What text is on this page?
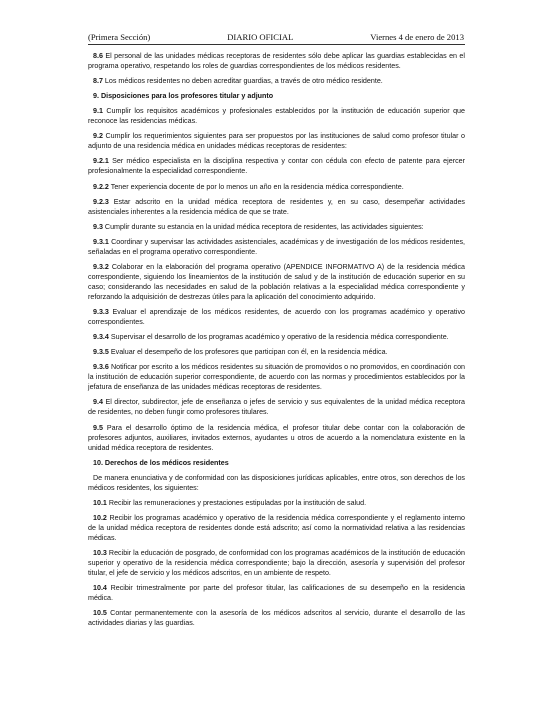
(Primera Sección)	DIARIO OFICIAL	Viernes 4 de enero de 2013

8.6 El personal de las unidades médicas receptoras de residentes sólo debe aplicar las guardias establecidas en el programa operativo, respetando los roles de guardias correspondientes de los médicos residentes.

8.7 Los médicos residentes no deben acreditar guardias, a través de otro médico residente.

9. Disposiciones para los profesores titular y adjunto

9.1 Cumplir los requisitos académicos y profesionales establecidos por la institución de educación superior que reconoce las residencias médicas.

9.2 Cumplir los requerimientos siguientes para ser propuestos por las instituciones de salud como profesor titular o adjunto de una residencia médica en unidades médicas receptoras de residentes:

9.2.1 Ser médico especialista en la disciplina respectiva y contar con cédula con efecto de patente para ejercer profesionalmente la especialidad correspondiente.

9.2.2 Tener experiencia docente de por lo menos un año en la residencia médica correspondiente.

9.2.3 Estar adscrito en la unidad médica receptora de residentes y, en su caso, desempeñar actividades asistenciales inherentes a la residencia médica de que se trate.

9.3 Cumplir durante su estancia en la unidad médica receptora de residentes, las actividades siguientes:

9.3.1 Coordinar y supervisar las actividades asistenciales, académicas y de investigación de los médicos residentes, señaladas en el programa operativo correspondiente.

9.3.2 Colaborar en la elaboración del programa operativo (APENDICE INFORMATIVO A) de la residencia médica correspondiente, siguiendo los lineamientos de la institución de salud y de la institución de educación superior en su caso; considerando las necesidades en salud de la población relativas a la especialidad médica correspondiente y reforzando la adquisición de destrezas útiles para la aplicación del conocimiento adquirido.

9.3.3 Evaluar el aprendizaje de los médicos residentes, de acuerdo con los programas académico y operativo correspondientes.

9.3.4 Supervisar el desarrollo de los programas académico y operativo de la residencia médica correspondiente.

9.3.5 Evaluar el desempeño de los profesores que participan con él, en la residencia médica.

9.3.6 Notificar por escrito a los médicos residentes su situación de promovidos o no promovidos, en coordinación con la institución de educación superior correspondiente, de acuerdo con las normas y procedimientos establecidos por la jefatura de enseñanza de las unidades médicas receptoras de residentes.

9.4 El director, subdirector, jefe de enseñanza o jefes de servicio y sus equivalentes de la unidad médica receptora de residentes, no deben fungir como profesores titulares.

9.5 Para el desarrollo óptimo de la residencia médica, el profesor titular debe contar con la colaboración de profesores adjuntos, auxiliares, invitados externos, ayudantes u otros de acuerdo a la nomenclatura existente en la unidad médica receptora de residentes.

10. Derechos de los médicos residentes

De manera enunciativa y de conformidad con las disposiciones jurídicas aplicables, entre otros, son derechos de los médicos residentes, los siguientes:

10.1 Recibir las remuneraciones y prestaciones estipuladas por la institución de salud.

10.2 Recibir los programas académico y operativo de la residencia médica correspondiente y el reglamento interno de la unidad médica receptora de residentes donde está adscrito; así como la normatividad relativa a las residencias médicas.

10.3 Recibir la educación de posgrado, de conformidad con los programas académicos de la institución de educación superior y operativo de la residencia médica correspondiente; bajo la dirección, asesoría y supervisión del profesor titular, el jefe de servicio y los médicos adscritos, en un ambiente de respeto.

10.4 Recibir trimestralmente por parte del profesor titular, las calificaciones de su desempeño en la residencia médica.

10.5 Contar permanentemente con la asesoría de los médicos adscritos al servicio, durante el desarrollo de las actividades diarias y las guardias.
